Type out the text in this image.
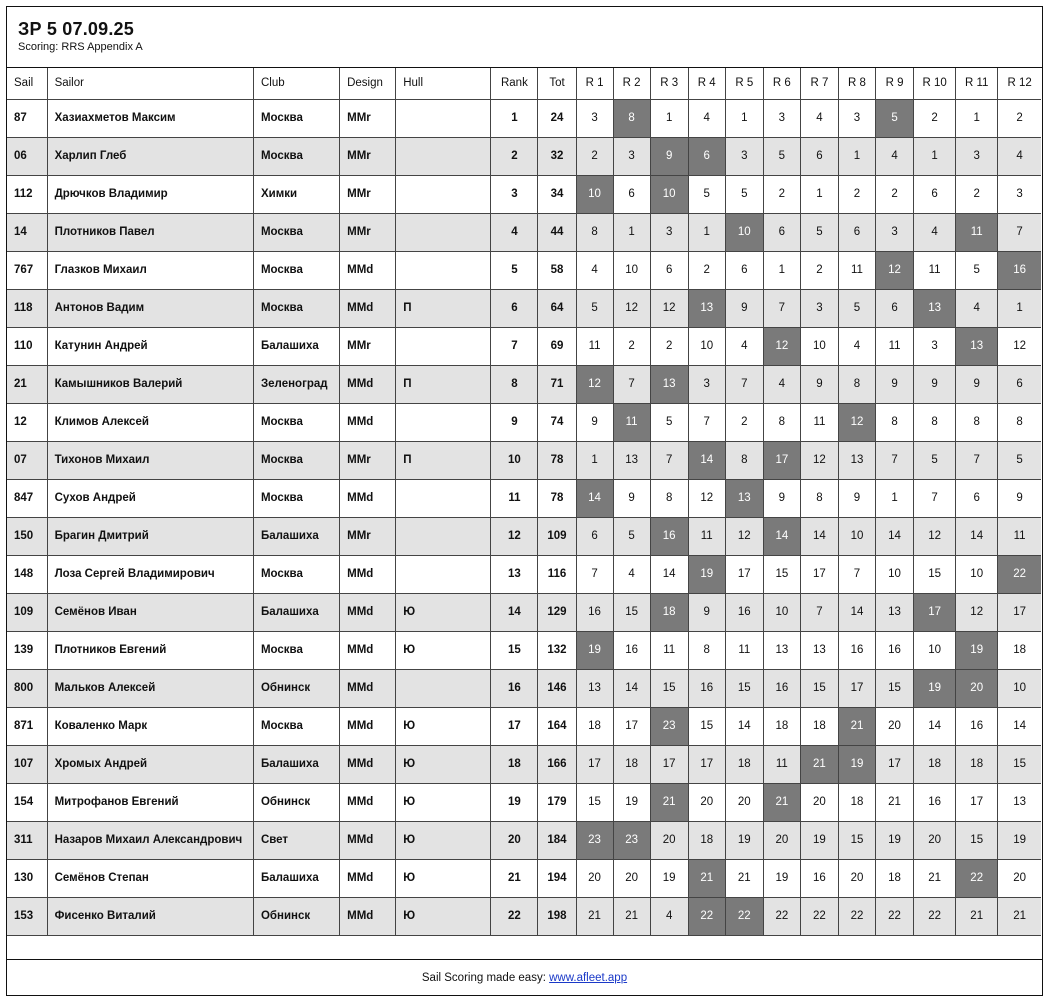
ЗР 5 07.09.25
Scoring: RRS Appendix A
Sail	Sailor	Club	Design	Hull	Rank	Tot	R 1	R 2	R 3	R 4	R 5	R 6	R 7	R 8	R 9	R 10	R 11	R 12
87	Хазиахметов Максим	Москва	MMr		1	24	3	8	1	4	1	3	4	3	5	2	1	2
06	Харлип Глеб	Москва	MMr		2	32	2	3	9	6	3	5	6	1	4	1	3	4
112	Дрючков Владимир	Химки	MMr		3	34	10	6	10	5	5	2	1	2	2	6	2	3
14	Плотников Павел	Москва	MMr		4	44	8	1	3	1	10	6	5	6	3	4	11	7
767	Глазков Михаил	Москва	MMd		5	58	4	10	6	2	6	1	2	11	12	11	5	16
118	Антонов Вадим	Москва	MMd	П	6	64	5	12	12	13	9	7	3	5	6	13	4	1
110	Катунин Андрей	Балашиха	MMr		7	69	11	2	2	10	4	12	10	4	11	3	13	12
21	Камышников Валерий	Зеленоград	MMd	П	8	71	12	7	13	3	7	4	9	8	9	9	9	6
12	Климов Алексей	Москва	MMd		9	74	9	11	5	7	2	8	11	12	8	8	8	8
07	Тихонов Михаил	Москва	MMr	П	10	78	1	13	7	14	8	17	12	13	7	5	7	5
847	Сухов Андрей	Москва	MMd		11	78	14	9	8	12	13	9	8	9	1	7	6	9
150	Брагин Дмитрий	Балашиха	MMr		12	109	6	5	16	11	12	14	14	10	14	12	14	11
148	Лоза Сергей Владимирович	Москва	MMd		13	116	7	4	14	19	17	15	17	7	10	15	10	22
109	Семёнов Иван	Балашиха	MMd	Ю	14	129	16	15	18	9	16	10	7	14	13	17	12	17
139	Плотников Евгений	Москва	MMd	Ю	15	132	19	16	11	8	11	13	13	16	16	10	19	18
800	Мальков Алексей	Обнинск	MMd		16	146	13	14	15	16	15	16	15	17	15	19	20	10
871	Коваленко Марк	Москва	MMd	Ю	17	164	18	17	23	15	14	18	18	21	20	14	16	14
107	Хромых Андрей	Балашиха	MMd	Ю	18	166	17	18	17	17	18	11	21	19	17	18	18	15
154	Митрофанов Евгений	Обнинск	MMd	Ю	19	179	15	19	21	20	20	21	20	18	21	16	17	13
311	Назаров Михаил Александрович	Свет	MMd	Ю	20	184	23	23	20	18	19	20	19	15	19	20	15	19
130	Семёнов Степан	Балашиха	MMd	Ю	21	194	20	20	19	21	21	19	16	20	18	21	22	20
153	Фисенко Виталий	Обнинск	MMd	Ю	22	198	21	21	4	22	22	22	22	22	22	22	21	21
Sail Scoring made easy: www.afleet.app
